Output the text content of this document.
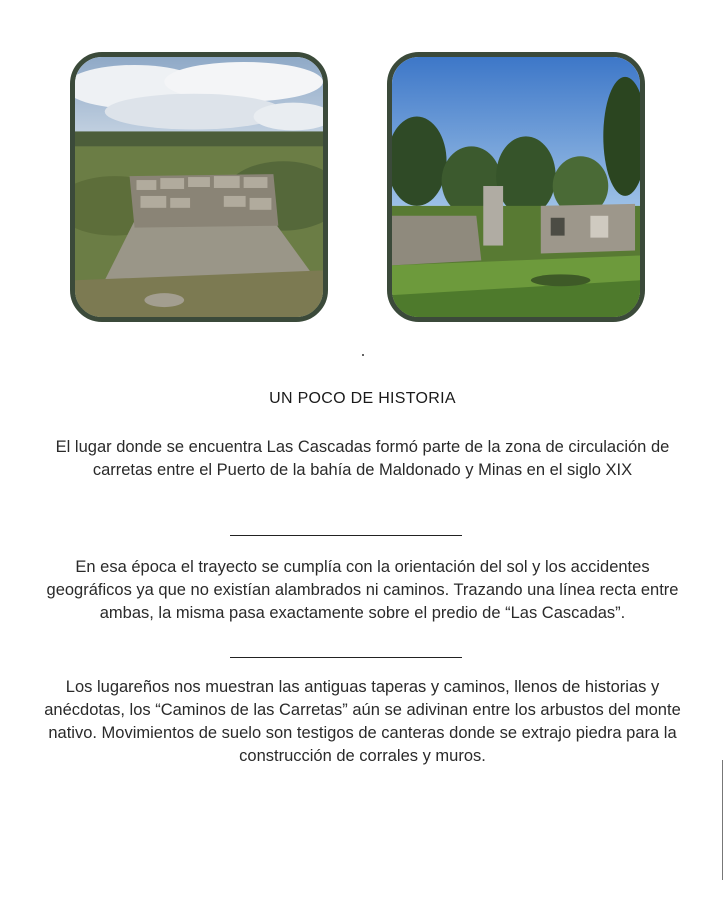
UN POCO DE HISTORIA
El lugar donde se encuentra Las Cascadas formó parte de la zona de circulación de carretas entre el Puerto de la bahía de Maldonado y Minas en el siglo XIX
En esa época el trayecto se cumplía con la orientación del sol y los accidentes geográficos ya que no existían alambrados ni caminos. Trazando una línea recta entre ambas, la misma pasa exactamente sobre el predio de “Las Cascadas”.
Los lugareños nos muestran las antiguas taperas y caminos, llenos de historias y anécdotas, los “Caminos de las Carretas” aún se adivinan entre los arbustos del monte nativo. Movimientos de suelo son testigos de canteras donde se extrajo piedra para la construcción de corrales y muros.
